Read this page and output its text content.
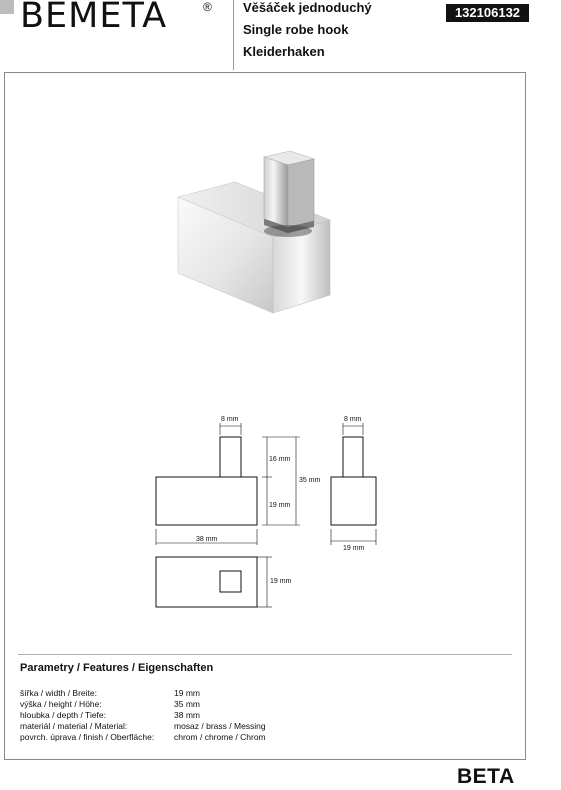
BEMETA	® Věšáček jednoduchý
Single robe hook
Kleiderhaken
132106132
8 mm	8 mm
16 mm
19 mm
35 mm
38 mm
19 mm
19 mm
Parametry / Features / Eigenschaften
šířka / width / Breite:	19 mm
výška / height / Höhe:	35 mm
hloubka / depth / Tiefe:	38 mm
materiál / material / Material:	mosaz / brass / Messing
povrch. úprava / finish / Oberfläche: chrom / chrome / Chrom
BETA
